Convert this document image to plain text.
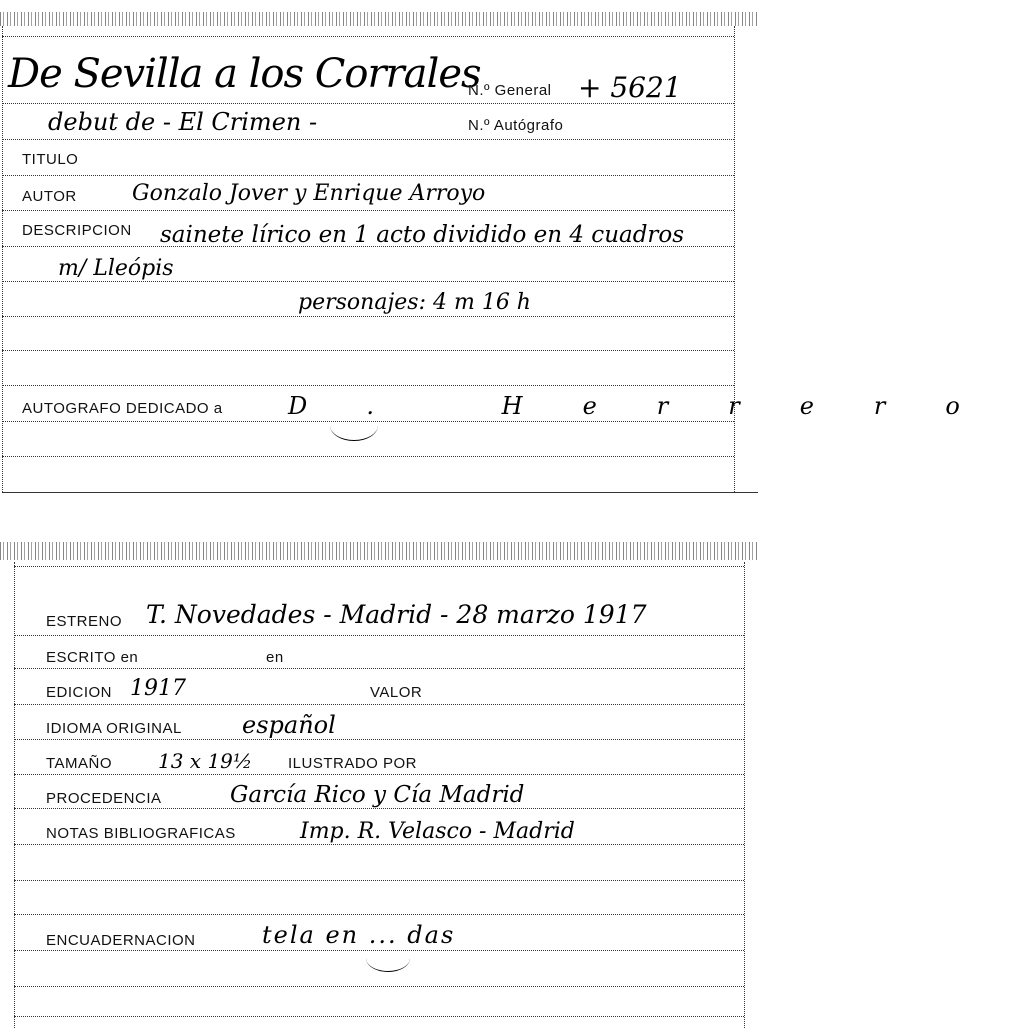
De Sevilla a los Corrales
N.º General + 5621
debut de - El Crimen -	N.º Autógrafo
TITULO
AUTOR	Gonzalo Jover y Enrique Arroyo
DESCRIPCION sainete lírico en 1 acto dividido en 4 cuadros
m/ Lleópis
personajes: 4 m 16 h
AUTOGRAFO DEDICADO a	D. Herrero
ESTRENO T. Novedades - Madrid - 28 marzo 1917
ESCRITO en	en
EDICION 1917	VALOR
IDIOMA ORIGINAL	español
TAMAÑO 13 x 19½ ILUSTRADO POR
PROCEDENCIA	García Rico y Cía Madrid
NOTAS BIBLIOGRAFICAS	Imp. R. Velasco - Madrid
ENCUADERNACION	tela en ... das
